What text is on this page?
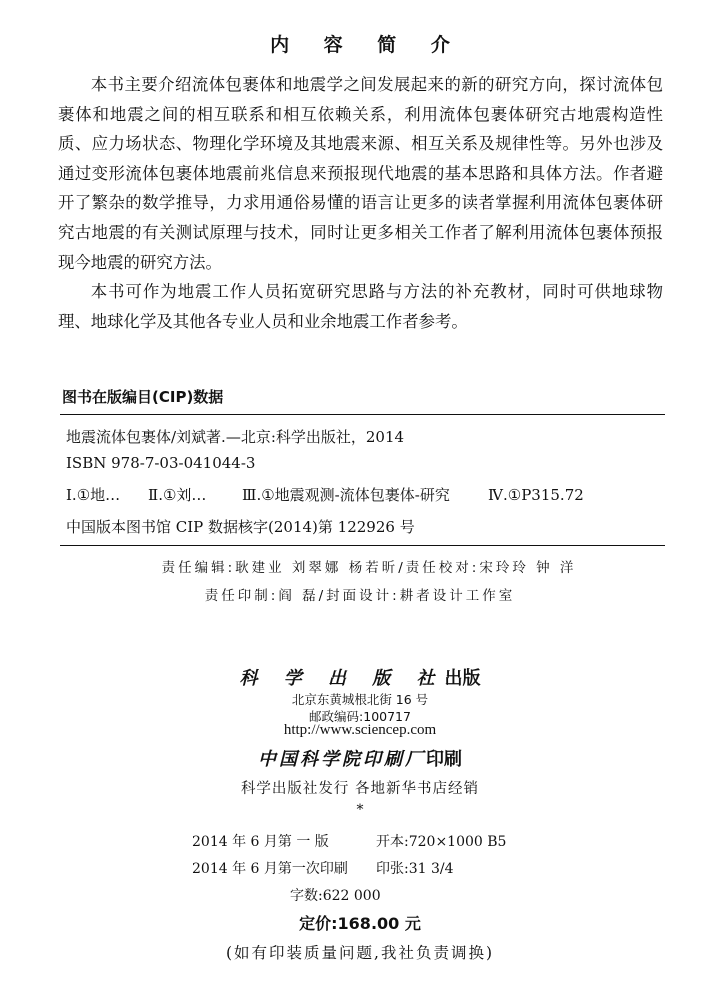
内 容 简 介

本书主要介绍流体包裹体和地震学之间发展起来的新的研究方向，探讨流体包裹体和地震之间的相互联系和相互依赖关系，利用流体包裹体研究古地震构造性质、应力场状态、物理化学环境及其地震来源、相互关系及规律性等。另外也涉及通过变形流体包裹体地震前兆信息来预报现代地震的基本思路和具体方法。作者避开了繁杂的数学推导，力求用通俗易懂的语言让更多的读者掌握利用流体包裹体研究古地震的有关测试原理与技术，同时让更多相关工作者了解利用流体包裹体预报现今地震的研究方法。

本书可作为地震工作人员拓宽研究思路与方法的补充教材，同时可供地球物理、地球化学及其他各专业人员和业余地震工作者参考。

图书在版编目(CIP)数据
地震流体包裹体/刘斌著.—北京:科学出版社，2014
ISBN 978-7-03-041044-3
Ⅰ.①地… Ⅱ.①刘… Ⅲ.①地震观测-流体包裹体-研究	Ⅳ.①P315.72
中国版本图书馆 CIP 数据核字(2014)第 122926 号
责任编辑:耿建业 刘翠娜 杨若昕/责任校对:宋玲玲 钟 洋
责任印制:阎 磊/封面设计:耕者设计工作室
科 学 出 版 社出版
北京东黄城根北街 16 号
邮政编码:100717
http://www.sciencep.com
中国科学院印刷厂印刷
科学出版社发行 各地新华书店经销
*
2014 年 6 月第 一 版	开本:720×1000 B5
2014 年 6 月第一次印刷 印张:31 3/4
字数:622 000
定价:168.00 元
(如有印装质量问题,我社负责调换)
